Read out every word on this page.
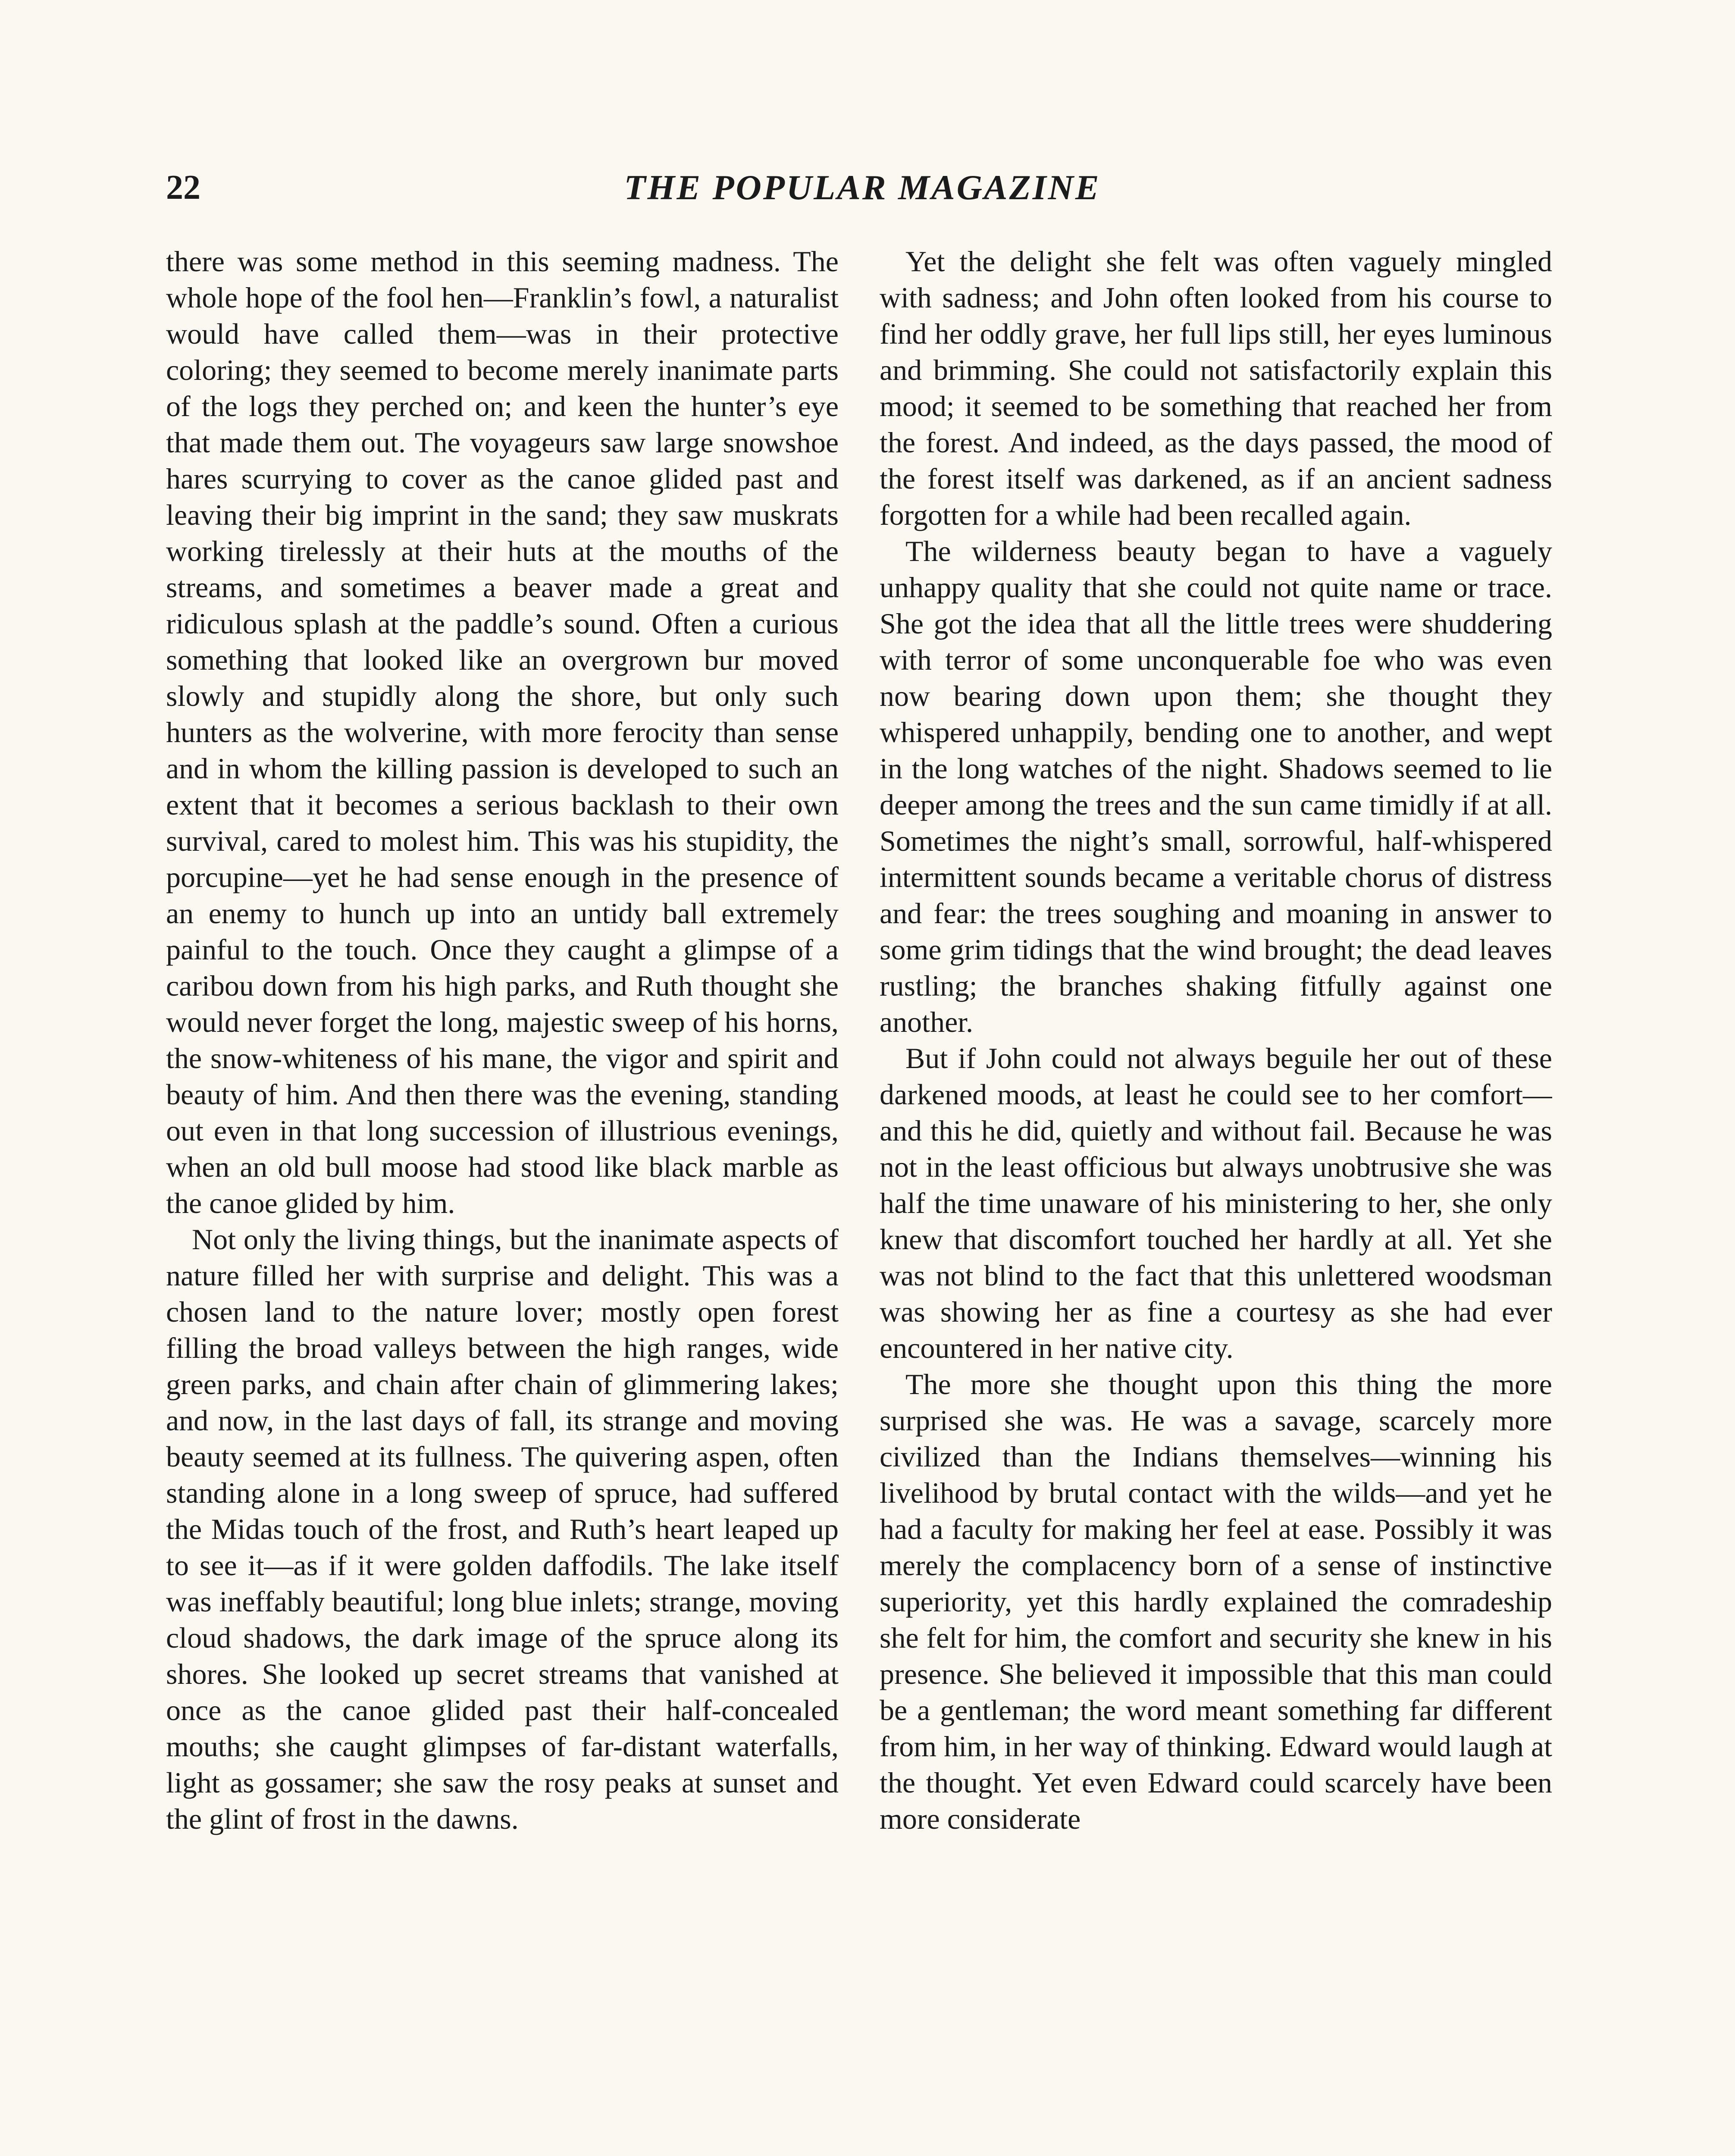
22	THE POPULAR MAGAZINE

there was some method in this seeming madness. The whole hope of the fool hen—Franklin’s fowl, a naturalist would have called them—was in their protective coloring; they seemed to become merely inanimate parts of the logs they perched on; and keen the hunter’s eye that made them out. The voyageurs saw large snowshoe hares scurrying to cover as the canoe glided past and leaving their big imprint in the sand; they saw muskrats working tirelessly at their huts at the mouths of the streams, and sometimes a beaver made a great and ridiculous splash at the paddle’s sound. Often a curious something that looked like an overgrown bur moved slowly and stupidly along the shore, but only such hunters as the wolverine, with more ferocity than sense and in whom the killing passion is developed to such an extent that it becomes a serious backlash to their own survival, cared to molest him. This was his stupidity, the porcupine—yet he had sense enough in the presence of an enemy to hunch up into an untidy ball extremely painful to the touch. Once they caught a glimpse of a caribou down from his high parks, and Ruth thought she would never forget the long, majestic sweep of his horns, the snow-whiteness of his mane, the vigor and spirit and beauty of him. And then there was the evening, standing out even in that long succession of illustrious evenings, when an old bull moose had stood like black marble as the canoe glided by him.

Not only the living things, but the inanimate aspects of nature filled her with surprise and delight. This was a chosen land to the nature lover; mostly open forest filling the broad valleys between the high ranges, wide green parks, and chain after chain of glimmering lakes; and now, in the last days of fall, its strange and moving beauty seemed at its fullness. The quivering aspen, often standing alone in a long sweep of spruce, had suffered the Midas touch of the frost, and Ruth’s heart leaped up to see it—as if it were golden daffodils. The lake itself was ineffably beautiful; long blue inlets; strange, moving cloud shadows, the dark image of the spruce along its shores. She looked up secret streams that vanished at once as the canoe glided past their half-concealed mouths; she caught glimpses of far-distant waterfalls, light as gossamer; she saw the rosy peaks at sunset and the glint of frost in the dawns.

Yet the delight she felt was often vaguely mingled with sadness; and John often looked from his course to find her oddly grave, her full lips still, her eyes luminous and brimming. She could not satisfactorily explain this mood; it seemed to be something that reached her from the forest. And indeed, as the days passed, the mood of the forest itself was darkened, as if an ancient sadness forgotten for a while had been recalled again.

The wilderness beauty began to have a vaguely unhappy quality that she could not quite name or trace. She got the idea that all the little trees were shuddering with terror of some unconquerable foe who was even now bearing down upon them; she thought they whispered unhappily, bending one to another, and wept in the long watches of the night. Shadows seemed to lie deeper among the trees and the sun came timidly if at all. Sometimes the night’s small, sorrowful, half-whispered intermittent sounds became a veritable chorus of distress and fear: the trees soughing and moaning in answer to some grim tidings that the wind brought; the dead leaves rustling; the branches shaking fitfully against one another.

But if John could not always beguile her out of these darkened moods, at least he could see to her comfort—and this he did, quietly and without fail. Because he was not in the least officious but always unobtrusive she was half the time unaware of his ministering to her, she only knew that discomfort touched her hardly at all. Yet she was not blind to the fact that this unlettered woodsman was showing her as fine a courtesy as she had ever encountered in her native city.

The more she thought upon this thing the more surprised she was. He was a savage, scarcely more civilized than the Indians themselves—winning his livelihood by brutal contact with the wilds—and yet he had a faculty for making her feel at ease. Possibly it was merely the complacency born of a sense of instinctive superiority, yet this hardly explained the comradeship she felt for him, the comfort and security she knew in his presence. She believed it impossible that this man could be a gentleman; the word meant something far different from him, in her way of thinking. Edward would laugh at the thought. Yet even Edward could scarcely have been more considerate
